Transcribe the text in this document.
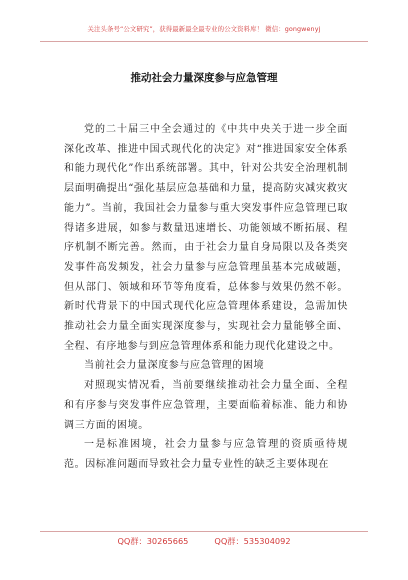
关注头条号“公文研究”，获得最新最全最专业的公文资料库！ 微信：gongwenyj
推动社会力量深度参与应急管理

党的二十届三中全会通过的《中共中央关于进一步全面深化改革、推进中国式现代化的决定》对“推进国家安全体系和能力现代化”作出系统部署。其中，针对公共安全治理机制层面明确提出“强化基层应急基础和力量，提高防灾减灾救灾能力”。当前，我国社会力量参与重大突发事件应急管理已取得诸多进展，如参与数量迅速增长、功能领域不断拓展、程序机制不断完善。然而，由于社会力量自身局限以及各类突发事件高发频发，社会力量参与应急管理虽基本完成破题，但从部门、领域和环节等角度看，总体参与效果仍然不彰。新时代背景下的中国式现代化应急管理体系建设，急需加快推动社会力量全面实现深度参与，实现社会力量能够全面、全程、有序地参与到应急管理体系和能力现代化建设之中。

当前社会力量深度参与应急管理的困境

对照现实情况看，当前要继续推动社会力量全面、全程和有序参与突发事件应急管理，主要面临着标准、能力和协调三方面的困境。

一是标准困境，社会力量参与应急管理的资质亟待规范。因标准问题而导致社会力量专业性的缺乏主要体现在

QQ群：30265665	QQ群：535304092
